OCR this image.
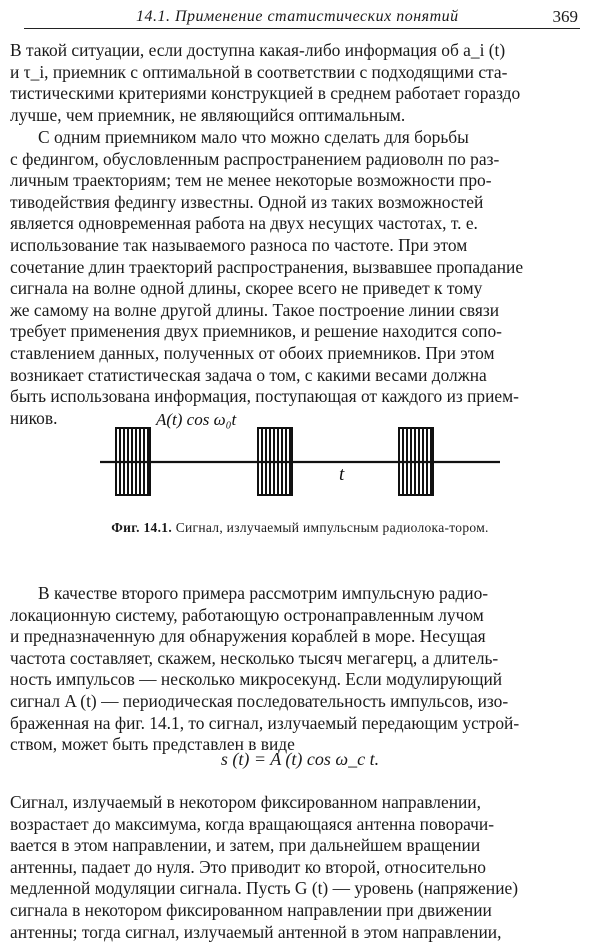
14.1. Применение статистических понятий	369
В такой ситуации, если доступна какая-либо информация об a_i (t)
и τ_i, приемник с оптимальной в соответствии с подходящими ста-
тистическими критериями конструкцией в среднем работает гораздо
лучше, чем приемник, не являющийся оптимальным.
С одним приемником мало что можно сделать для борьбы
с федингом, обусловленным распространением радиоволн по раз-
личным траекториям; тем не менее некоторые возможности про-
тиводействия федингу известны. Одной из таких возможностей
является одновременная работа на двух несущих частотах, т. е.
использование так называемого разноса по частоте. При этом
сочетание длин траекторий распространения, вызвавшее пропадание
сигнала на волне одной длины, скорее всего не приведет к тому
же самому на волне другой длины. Такое построение линии связи
требует применения двух приемников, и решение находится сопо-
ставлением данных, полученных от обоих приемников. При этом
возникает статистическая задача о том, с какими весами должна
быть использована информация, поступающая от каждого из прием-
ников.	A(t) cos ω₀t
t
Фиг. 14.1. Сигнал, излучаемый импульсным радиолока-тором.
В качестве второго примера рассмотрим импульсную радио-
локационную систему, работающую остронаправленным лучом
и предназначенную для обнаружения кораблей в море. Несущая
частота составляет, скажем, несколько тысяч мегагерц, а длитель-
ность импульсов — несколько микросекунд. Если модулирующий
сигнал A (t) — периодическая последовательность импульсов, изо-
браженная на фиг. 14.1, то сигнал, излучаемый передающим устрой-
ством, может быть представлен в виде
s (t) = A (t) cos ω_c t.
Сигнал, излучаемый в некотором фиксированном направлении,
возрастает до максимума, когда вращающаяся антенна поворачи-
вается в этом направлении, и затем, при дальнейшем вращении
антенны, падает до нуля. Это приводит ко второй, относительно
медленной модуляции сигнала. Пусть G (t) — уровень (напряжение)
сигнала в некотором фиксированном направлении при движении
антенны; тогда сигнал, излучаемый антенной в этом направлении,
